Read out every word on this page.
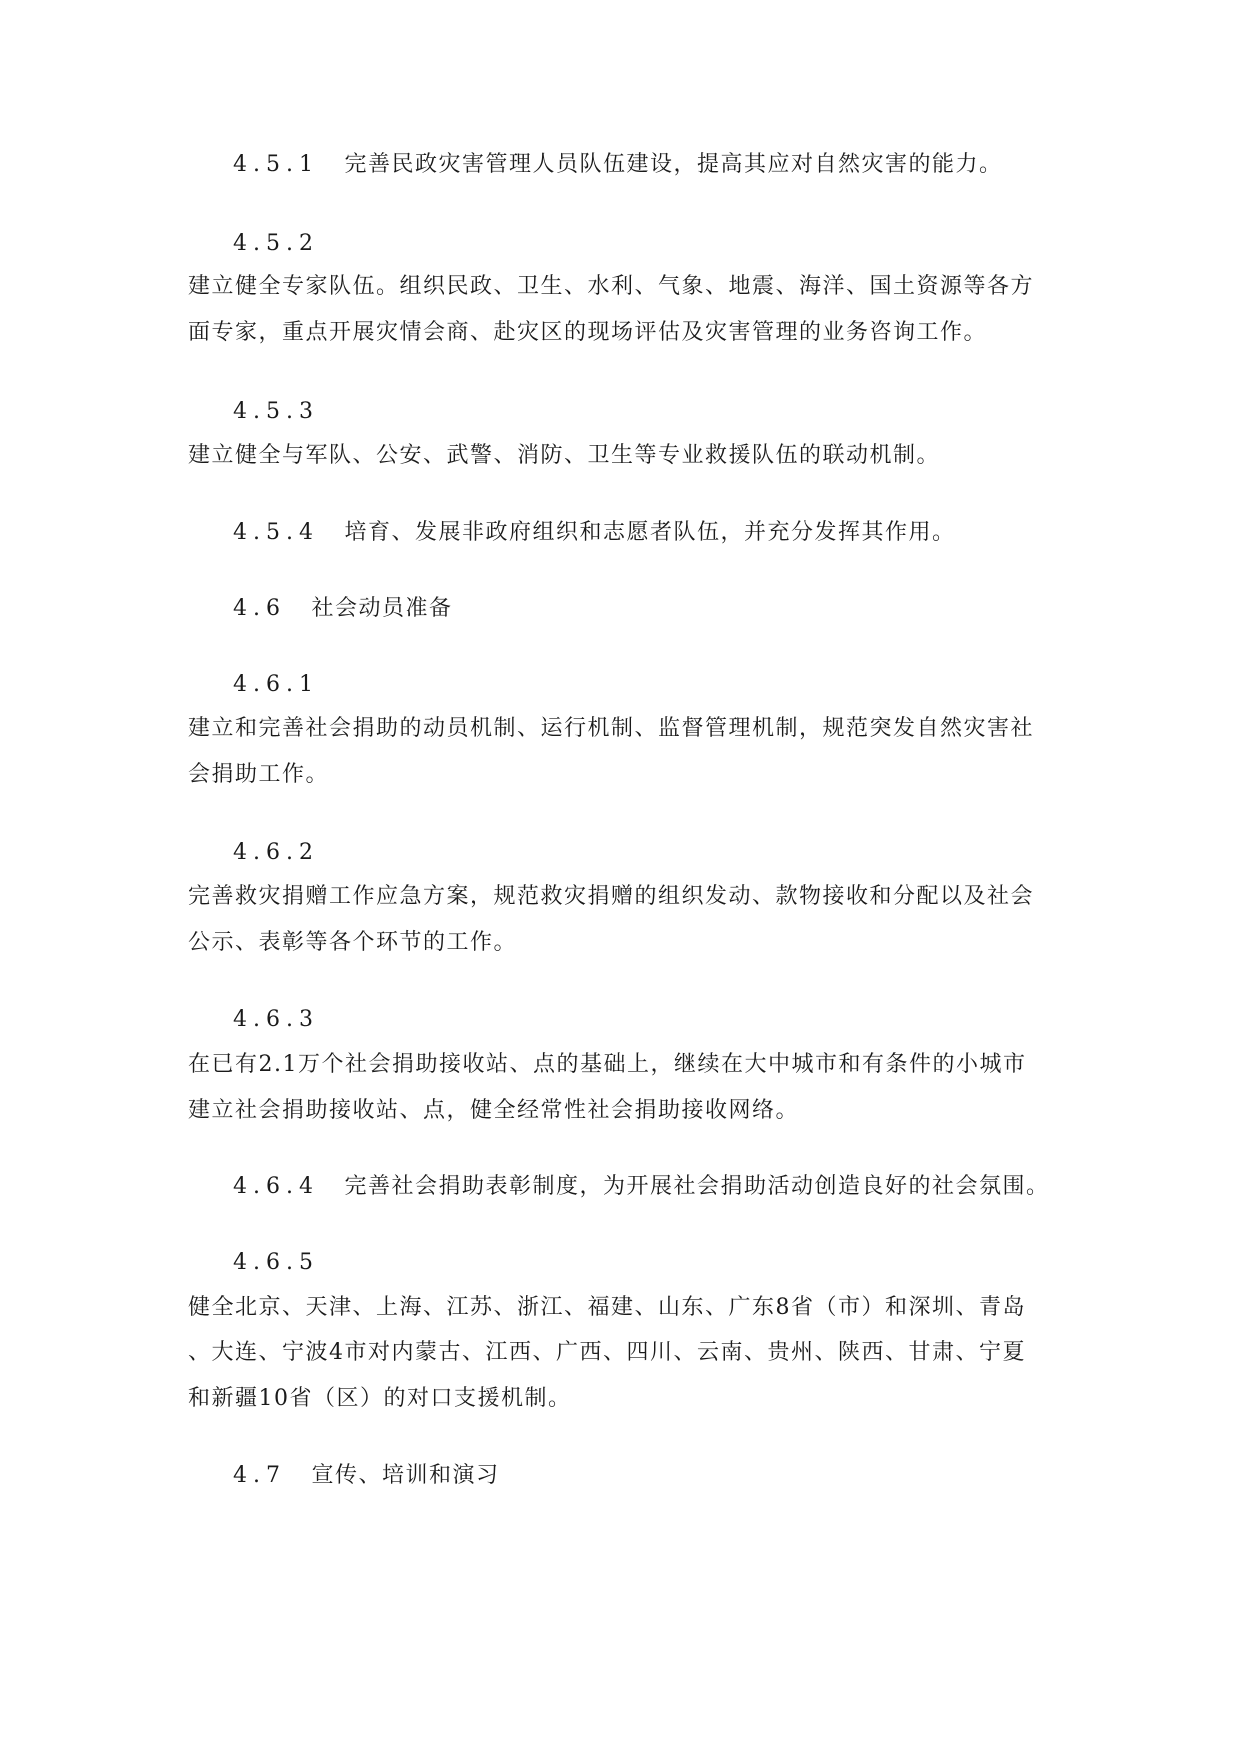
4.5.1 完善民政灾害管理人员队伍建设，提高其应对自然灾害的能力。
4.5.2
建立健全专家队伍。组织民政、卫生、水利、气象、地震、海洋、国土资源等各方
面专家，重点开展灾情会商、赴灾区的现场评估及灾害管理的业务咨询工作。
4.5.3
建立健全与军队、公安、武警、消防、卫生等专业救援队伍的联动机制。
4.5.4 培育、发展非政府组织和志愿者队伍，并充分发挥其作用。
4.6 社会动员准备
4.6.1
建立和完善社会捐助的动员机制、运行机制、监督管理机制，规范突发自然灾害社
会捐助工作。
4.6.2
完善救灾捐赠工作应急方案，规范救灾捐赠的组织发动、款物接收和分配以及社会
公示、表彰等各个环节的工作。
4.6.3
在已有2.1万个社会捐助接收站、点的基础上，继续在大中城市和有条件的小城市
建立社会捐助接收站、点，健全经常性社会捐助接收网络。
4.6.4 完善社会捐助表彰制度，为开展社会捐助活动创造良好的社会氛围。
4.6.5
健全北京、天津、上海、江苏、浙江、福建、山东、广东8省（市）和深圳、青岛
、大连、宁波4市对内蒙古、江西、广西、四川、云南、贵州、陕西、甘肃、宁夏
和新疆10省（区）的对口支援机制。
4.7 宣传、培训和演习
